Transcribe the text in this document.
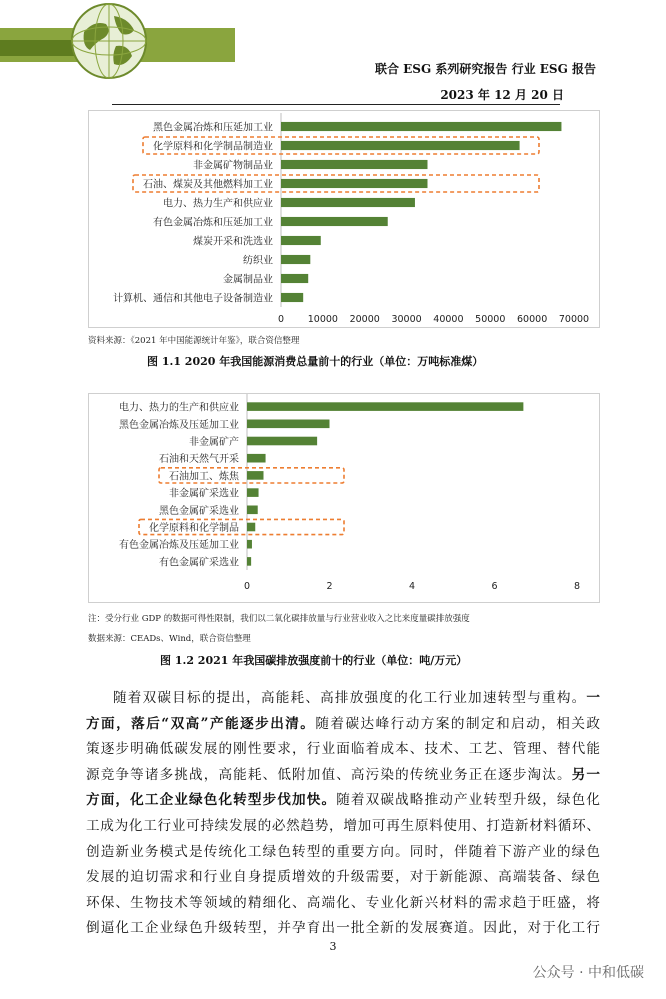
联合 ESG 系列研究报告 行业 ESG 报告
2023 年 12 月 20 日
黑色金属冶炼和压延加工业
化学原料和化学制品制造业
非金属矿物制品业
石油、煤炭及其他燃料加工业
电力、热力生产和供应业
有色金属冶炼和压延加工业
煤炭开采和洗选业
纺织业
金属制品业
计算机、通信和其他电子设备制造业
0 10000 20000 30000 40000 50000 60000 70000
资料来源：《2021 年中国能源统计年鉴》，联合资信整理
图 1.1 2020 年我国能源消费总量前十的行业（单位：万吨标准煤）
电力、热力的生产和供应业
黑色金属冶炼及压延加工业
非金属矿产
石油和天然气开采
石油加工、炼焦
非金属矿采选业
黑色金属矿采选业
化学原料和化学制品
有色金属冶炼及压延加工业
有色金属矿采选业
0	2	4	6	8
注：受分行业 GDP 的数据可得性限制，我们以二氧化碳排放量与行业营业收入之比来度量碳排放强度
数据来源：CEADs、Wind，联合资信整理
图 1.2 2021 年我国碳排放强度前十的行业（单位：吨/万元）
随着双碳目标的提出，高能耗、高排放强度的化工行业加速转型与重构。一
方面，落后“双高”产能逐步出清。随着碳达峰行动方案的制定和启动，相关政
策逐步明确低碳发展的刚性要求，行业面临着成本、技术、工艺、管理、替代能
源竞争等诸多挑战，高能耗、低附加值、高污染的传统业务正在逐步淘汰。另一
方面，化工企业绿色化转型步伐加快。随着双碳战略推动产业转型升级，绿色化
工成为化工行业可持续发展的必然趋势，增加可再生原料使用、打造新材料循环、
创造新业务模式是传统化工绿色转型的重要方向。同时，伴随着下游产业的绿色
发展的迫切需求和行业自身提质增效的升级需要，对于新能源、高端装备、绿色
环保、生物技术等领域的精细化、高端化、专业化新兴材料的需求趋于旺盛，将
倒逼化工企业绿色升级转型，并孕育出一批全新的发展赛道。因此，对于化工行
3
公众号 · 中和低碳
